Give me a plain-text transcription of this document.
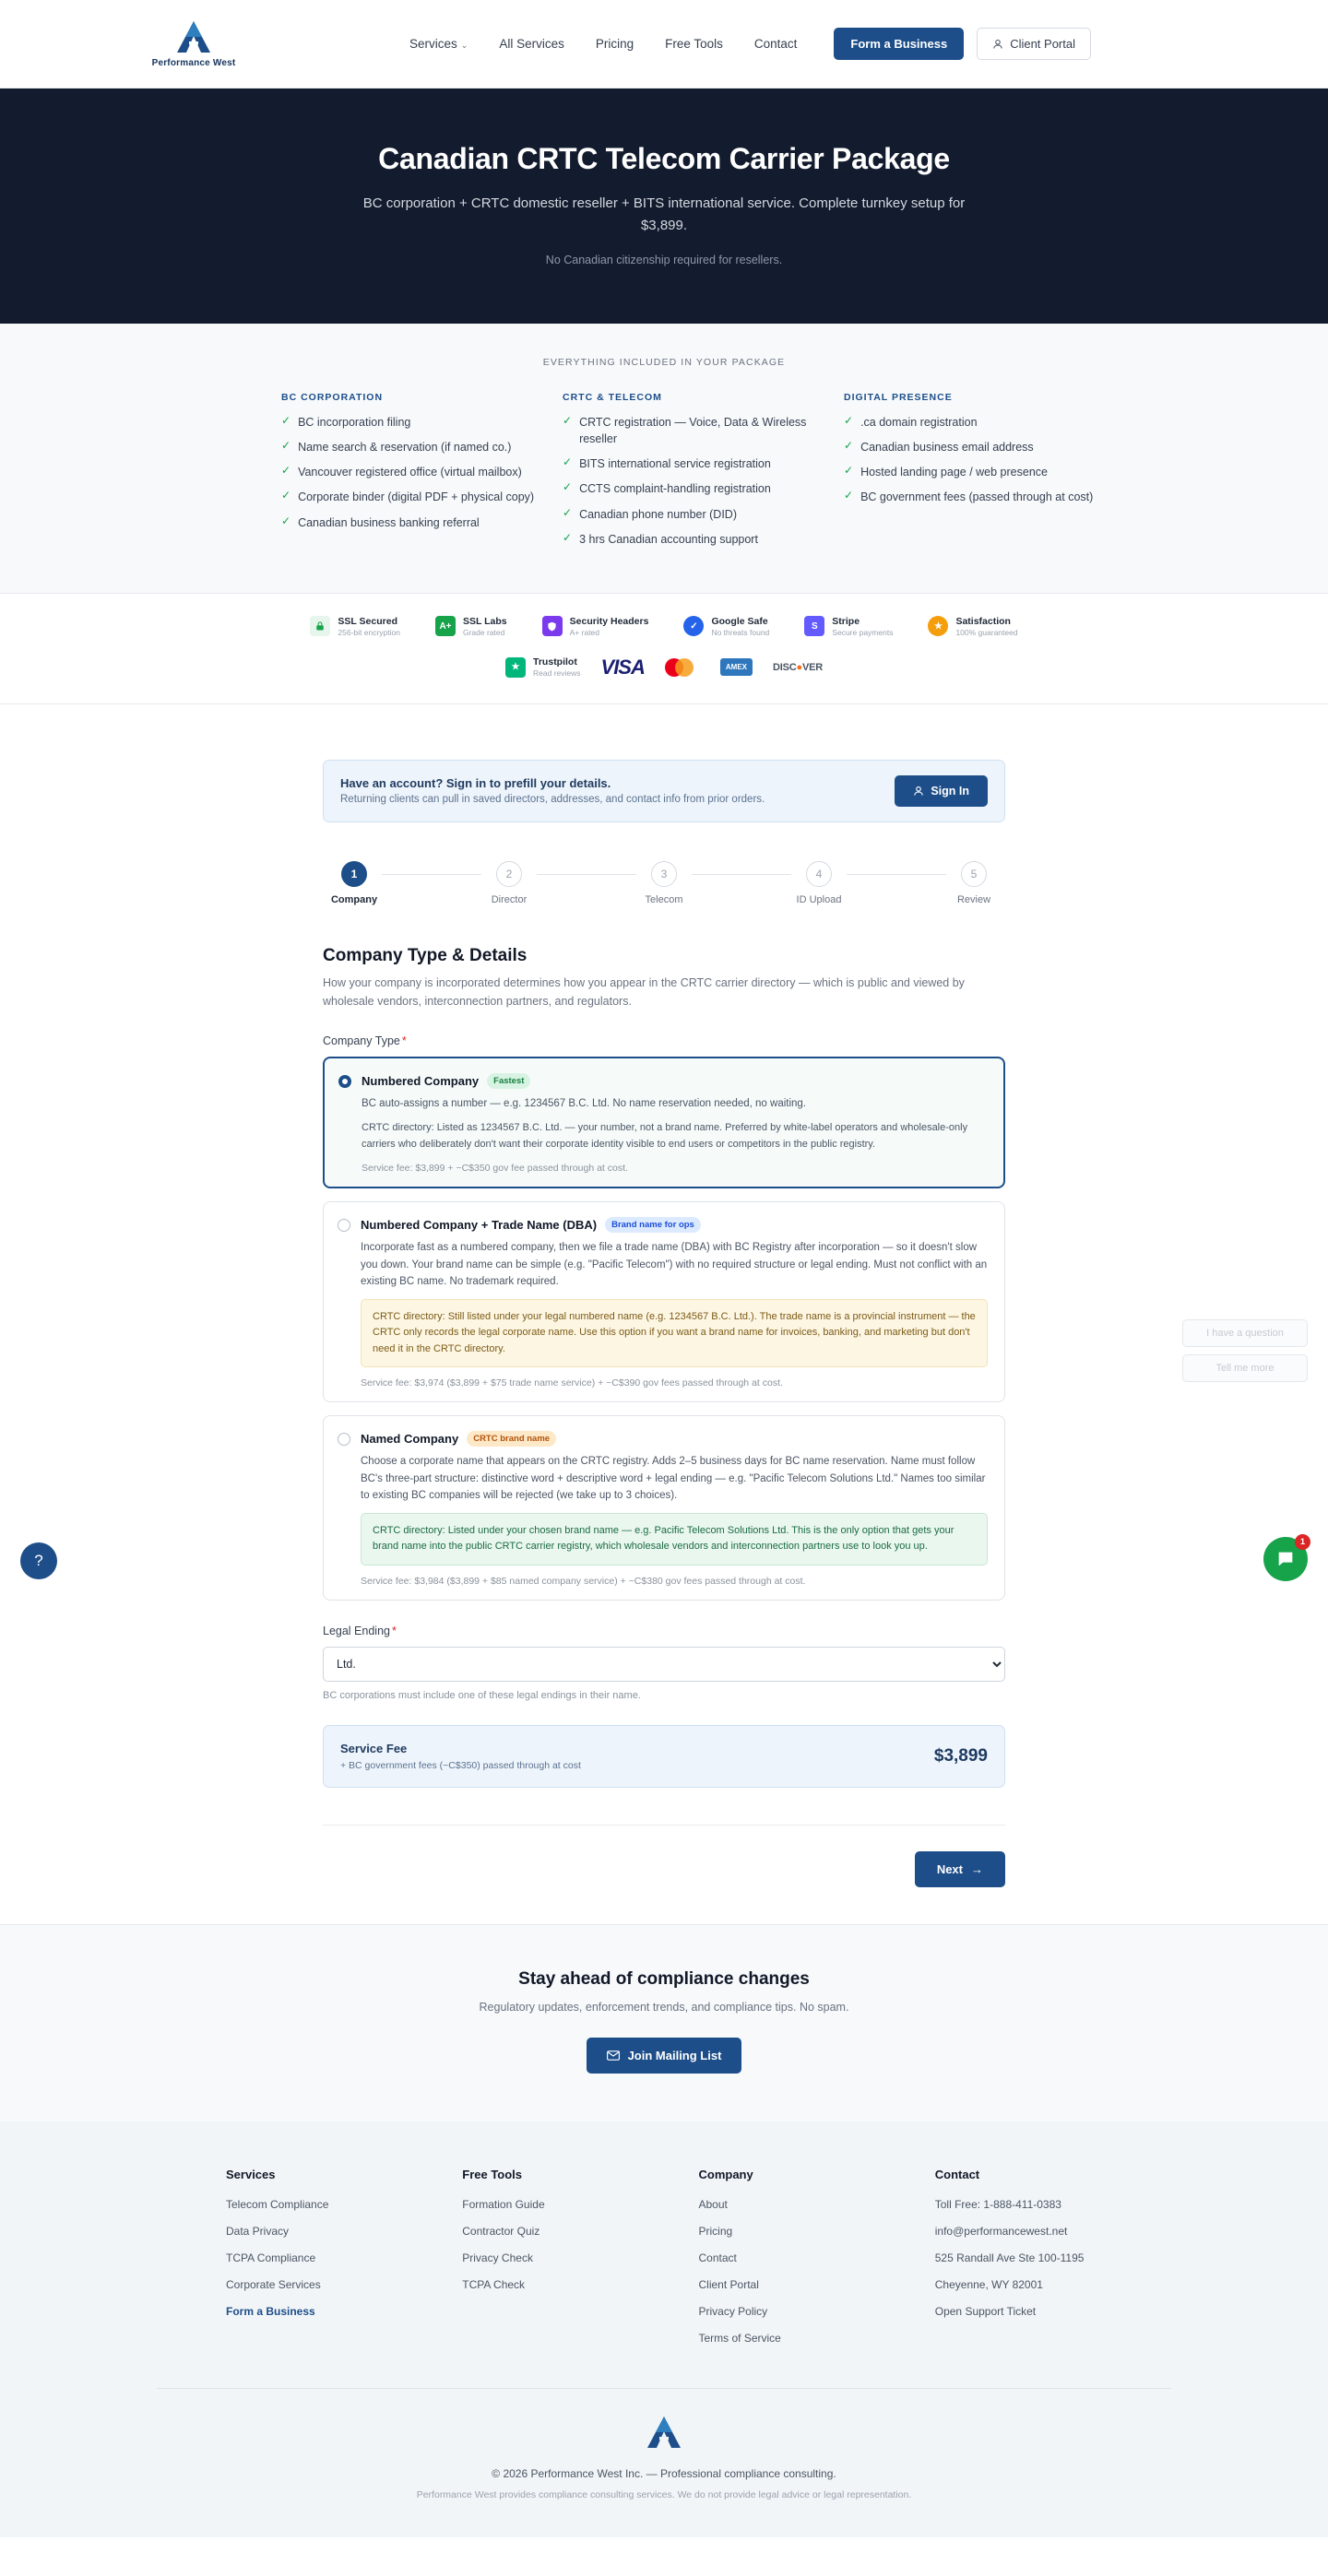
Performance West
Services ⌄	All Services	Pricing	Free Tools	Contact	Form a Business	Client Portal
Canadian CRTC Telecom Carrier Package
BC corporation + CRTC domestic reseller + BITS international service. Complete turnkey setup for $3,899.
No Canadian citizenship required for resellers.
EVERYTHING INCLUDED IN YOUR PACKAGE
BC CORPORATION
✓ BC incorporation filing
✓ Name search & reservation (if named co.)
✓ Vancouver registered office (virtual mailbox)
✓ Corporate binder (digital PDF + physical copy)
✓ Canadian business banking referral
CRTC & TELECOM
✓ CRTC registration — Voice, Data & Wireless reseller
✓ BITS international service registration
✓ CCTS complaint-handling registration
✓ Canadian phone number (DID)
✓ 3 hrs Canadian accounting support
DIGITAL PRESENCE
✓ .ca domain registration
✓ Canadian business email address
✓ Hosted landing page / web presence
✓ BC government fees (passed through at cost)
SSL Secured
256-bit encryption
A+	SSL Labs
Grade rated
Security Headers
A+ rated
✓	Google Safe
No threats found
S	Stripe
Secure payments
★	Satisfaction
100% guaranteed
★	Trustpilot
Read reviews VISA	AMEX	DISC●VER
Have an account? Sign in to prefill your details.
Returning clients can pull in saved directors, addresses, and contact info from prior orders.
Sign In
1
Company
2
Director
3
Telecom
4
ID Upload
5
Review
Company Type & Details
How your company is incorporated determines how you appear in the CRTC carrier directory — which is public and viewed by wholesale vendors, interconnection partners, and regulators.
Company Type *
Numbered Company	Fastest
BC auto-assigns a number — e.g. 1234567 B.C. Ltd. No name reservation needed, no waiting.
CRTC directory: Listed as 1234567 B.C. Ltd. — your number, not a brand name. Preferred by white-label operators and wholesale-only carriers who deliberately don't want their corporate identity visible to end users or competitors in the public registry.
Service fee: $3,899 + ~C$350 gov fee passed through at cost.
Numbered Company + Trade Name (DBA)	Brand name for ops
Incorporate fast as a numbered company, then we file a trade name (DBA) with BC Registry after incorporation — so it doesn't slow you down. Your brand name can be simple (e.g. "Pacific Telecom") with no required structure or legal ending. Must not conflict with an existing BC name. No trademark required.
CRTC directory: Still listed under your legal numbered name (e.g. 1234567 B.C. Ltd.). The trade name is a provincial instrument — the CRTC only records the legal corporate name. Use this option if you want a brand name for invoices, banking, and marketing but don't need it in the CRTC directory.
Service fee: $3,974 ($3,899 + $75 trade name service) + ~C$390 gov fees passed through at cost.
Named Company	CRTC brand name
Choose a corporate name that appears on the CRTC registry. Adds 2–5 business days for BC name reservation. Name must follow BC's three-part structure: distinctive word + descriptive word + legal ending — e.g. "Pacific Telecom Solutions Ltd." Names too similar to existing BC companies will be rejected (we take up to 3 choices).
CRTC directory: Listed under your chosen brand name — e.g. Pacific Telecom Solutions Ltd. This is the only option that gets your brand name into the public CRTC carrier registry, which wholesale vendors and interconnection partners use to look you up.
Service fee: $3,984 ($3,899 + $85 named company service) + ~C$380 gov fees passed through at cost.
Legal Ending *
Ltd.
BC corporations must include one of these legal endings in their name.
Service Fee
+ BC government fees (~C$350) passed through at cost	$3,899
Next →
Stay ahead of compliance changes

Regulatory updates, enforcement trends, and compliance tips. No spam.

Join Mailing List
Services
Telecom Compliance
Data Privacy
TCPA Compliance
Corporate Services
Form a Business
Free Tools
Formation Guide
Contractor Quiz
Privacy Check
TCPA Check
Company
About
Pricing
Contact
Client Portal
Privacy Policy
Terms of Service
Contact
Toll Free: 1-888-411-0383
info@performancewest.net
525 Randall Ave Ste 100-1195
Cheyenne, WY 82001
Open Support Ticket
© 2026 Performance West Inc. — Professional compliance consulting.
Performance West provides compliance consulting services. We do not provide legal advice or legal representation.
I have a question
Tell me more
?
1
